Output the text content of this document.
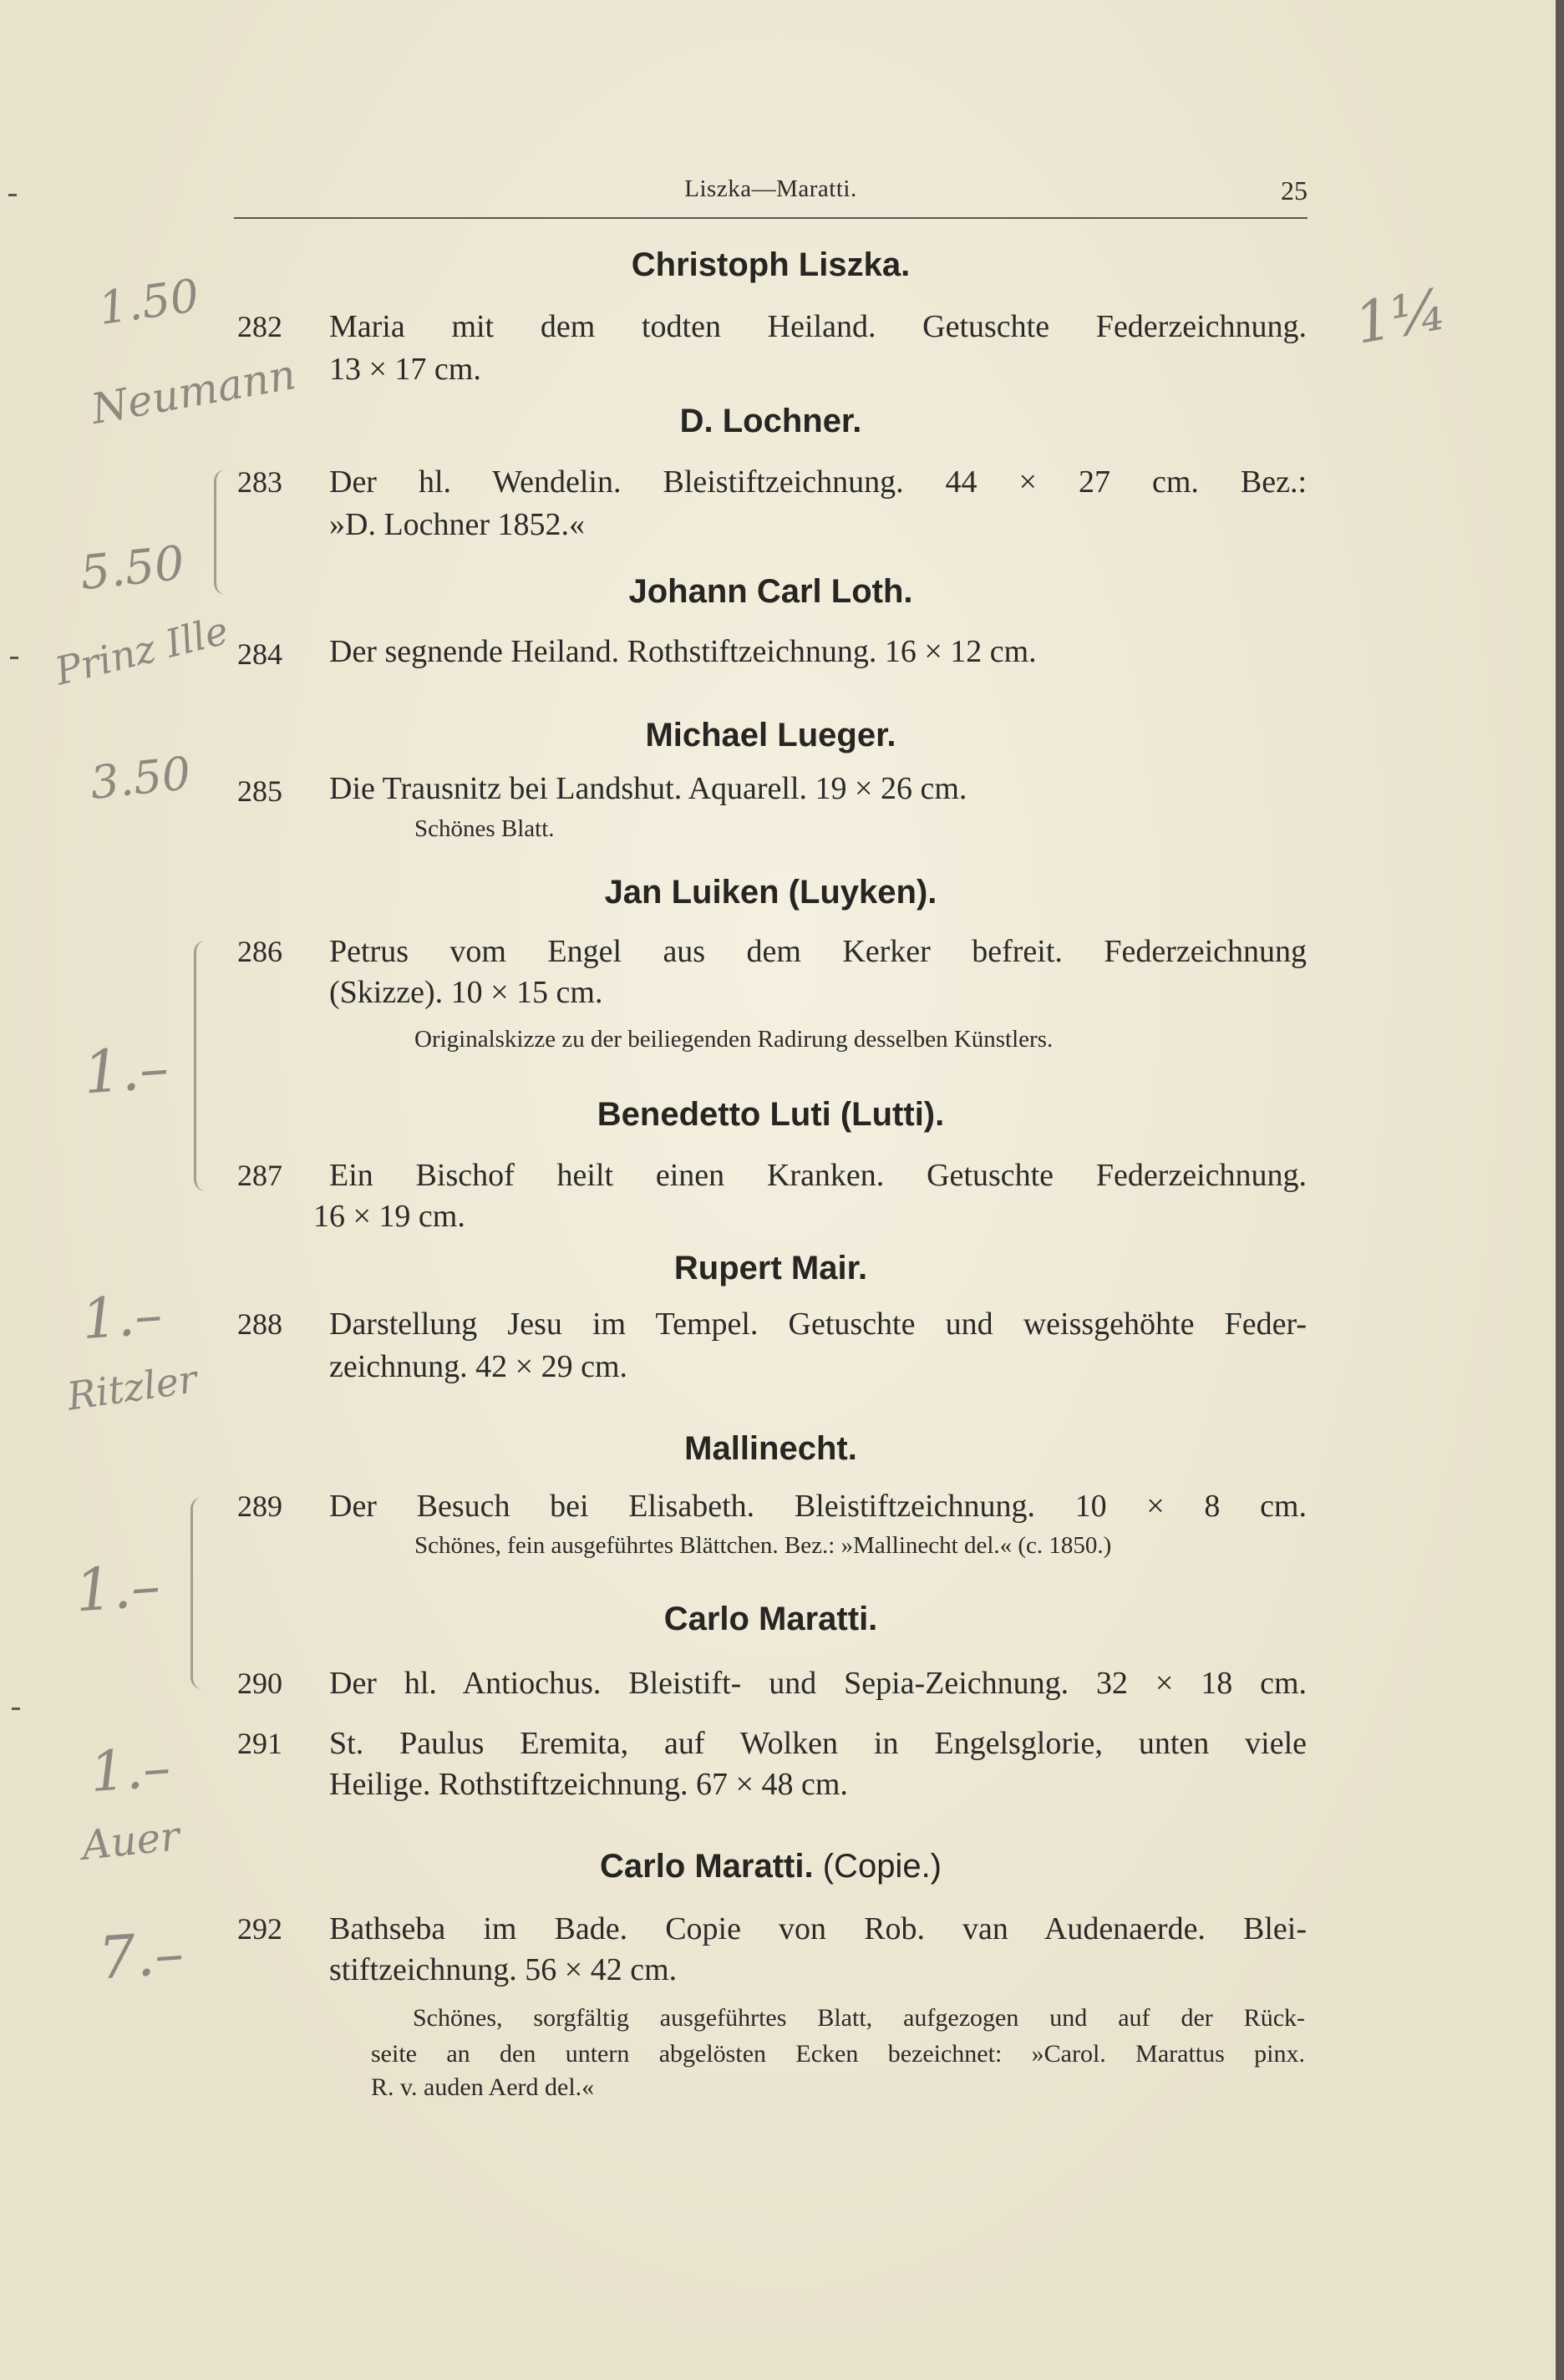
Liszka—Maratti.	25
Christoph Liszka.
282 Maria mit dem todten Heiland. Getuschte Federzeichnung.
13 × 17 cm.
D. Lochner.
283 Der hl. Wendelin. Bleistiftzeichnung. 44 × 27 cm. Bez.:
»D. Lochner 1852.«
Johann Carl Loth.
284 Der segnende Heiland. Rothstiftzeichnung. 16 × 12 cm.
Michael Lueger.
285 Die Trausnitz bei Landshut. Aquarell. 19 × 26 cm.
Schönes Blatt.
Jan Luiken (Luyken).
286 Petrus vom Engel aus dem Kerker befreit. Federzeichnung
(Skizze). 10 × 15 cm.
Originalskizze zu der beiliegenden Radirung desselben Künstlers.
Benedetto Luti (Lutti).
287 Ein Bischof heilt einen Kranken. Getuschte Federzeichnung.
16 × 19 cm.
Rupert Mair.
288 Darstellung Jesu im Tempel. Getuschte und weissgehöhte Feder-
zeichnung. 42 × 29 cm.
Mallinecht.
289 Der Besuch bei Elisabeth. Bleistiftzeichnung. 10 × 8 cm.
Schönes, fein ausgeführtes Blättchen. Bez.: »Mallinecht del.« (c. 1850.)
Carlo Maratti.
290 Der hl. Antiochus. Bleistift- und Sepia-Zeichnung. 32 × 18 cm.
291 St. Paulus Eremita, auf Wolken in Engelsglorie, unten viele
Heilige. Rothstiftzeichnung. 67 × 48 cm.
Carlo Maratti. (Copie.)
292 Bathseba im Bade. Copie von Rob. van Audenaerde. Blei-
stiftzeichnung. 56 × 42 cm.
Schönes, sorgfältig ausgeführtes Blatt, aufgezogen und auf der Rück-
seite an den untern abgelösten Ecken bezeichnet: »Carol. Marattus pinx.
R. v. auden Aerd del.«
1.50
Neumann
5.50
Prinz Ille
3.50
1.–
1.–
Ritzler
1.–
1.–
Auer
7.–
1¼
